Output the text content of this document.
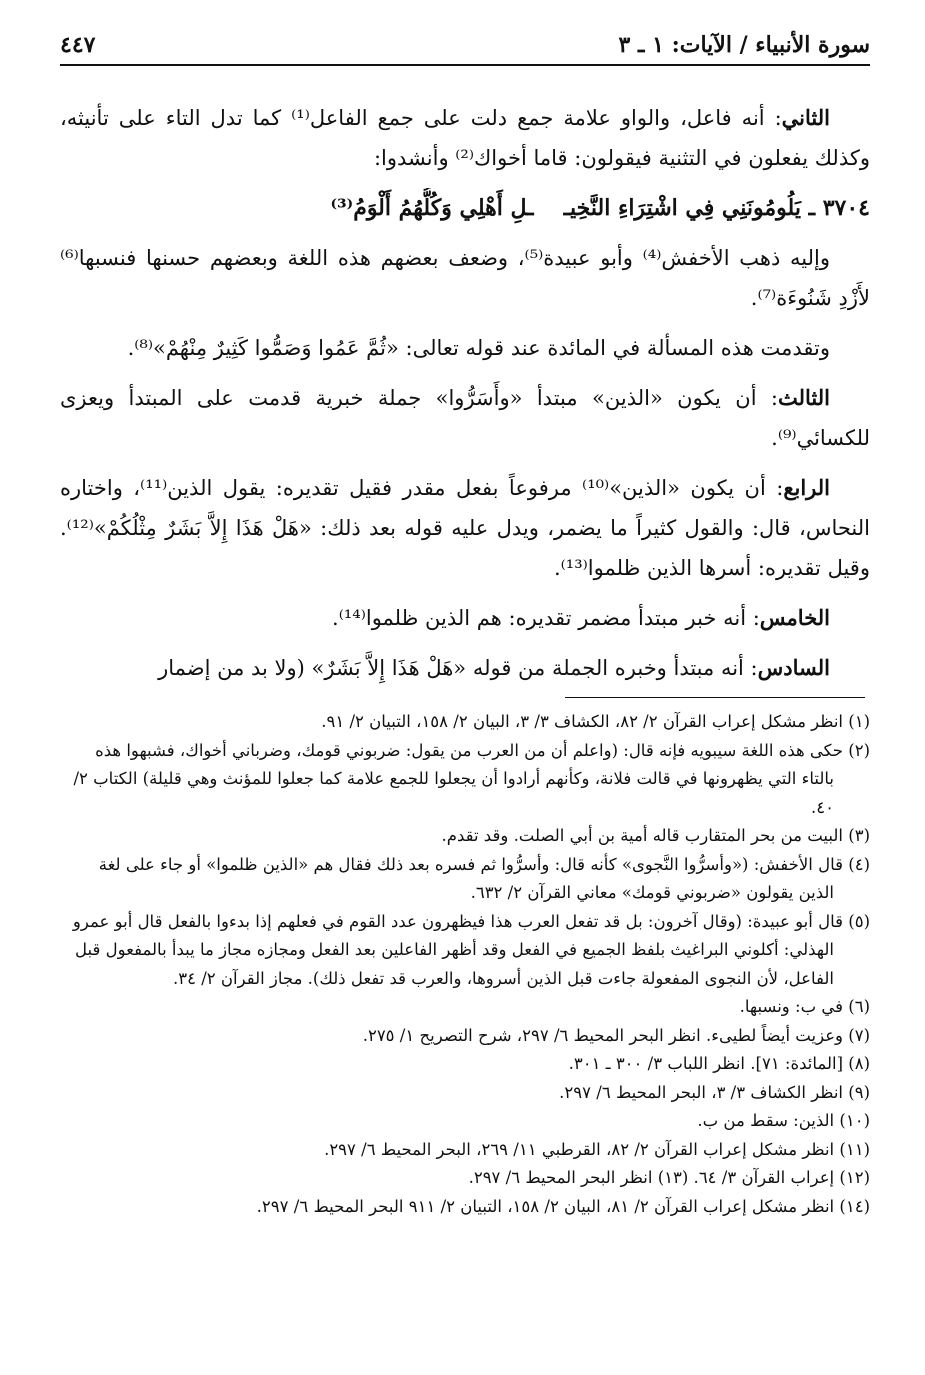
سورة الأنبياء / الآيات: ١ ـ ٣
٤٤٧

الثاني: أنه فاعل، والواو علامة جمع دلت على جمع الفاعل⁽¹⁾ كما تدل التاء على تأنيثه، وكذلك يفعلون في التثنية فيقولون: قاما أخواك⁽²⁾ وأنشدوا:

٣٧٠٤ ـ يَلُومُونَنِي فِي اشْتِرَاءِ النَّخِيــلِ أَهْلِي وَكُلُّهُمُ أَلْوَمُ⁽³⁾

وإليه ذهب الأخفش⁽⁴⁾ وأبو عبيدة⁽⁵⁾، وضعف بعضهم هذه اللغة وبعضهم حسنها فنسبها⁽⁶⁾ لأَزْدِ شَنُوءَة⁽⁷⁾.

وتقدمت هذه المسألة في المائدة عند قوله تعالى: «ثُمَّ عَمُوا وَصَمُّوا كَثِيرٌ مِنْهُمْ»⁽⁸⁾.

الثالث: أن يكون «الذين» مبتدأ «وأَسَرُّوا» جملة خبرية قدمت على المبتدأ ويعزى للكسائي⁽⁹⁾.

الرابع: أن يكون «الذين»⁽¹⁰⁾ مرفوعاً بفعل مقدر فقيل تقديره: يقول الذين⁽¹¹⁾، واختاره النحاس، قال: والقول كثيراً ما يضمر، ويدل عليه قوله بعد ذلك: «هَلْ هَذَا إِلاَّ بَشَرٌ مِثْلُكُمْ»⁽¹²⁾. وقيل تقديره: أسرها الذين ظلموا⁽¹³⁾.

الخامس: أنه خبر مبتدأ مضمر تقديره: هم الذين ظلموا⁽¹⁴⁾.

السادس: أنه مبتدأ وخبره الجملة من قوله «هَلْ هَذَا إِلاَّ بَشَرٌ» (ولا بد من إضمار

(١) انظر مشكل إعراب القرآن ٢/ ٨٢، الكشاف ٣/ ٣، البيان ٢/ ١٥٨، التبيان ٢/ ٩١.

(٢) حكى هذه اللغة سيبويه فإنه قال: (واعلم أن من العرب من يقول: ضربوني قومك، وضرباني أخواك، فشبهوا هذه بالتاء التي يظهرونها في قالت فلانة، وكأنهم أرادوا أن يجعلوا للجمع علامة كما جعلوا للمؤنث وهي قليلة) الكتاب ٢/ ٤٠.

(٣) البيت من بحر المتقارب قاله أمية بن أبي الصلت. وقد تقدم.

(٤) قال الأخفش: («وأسرُّوا النَّجوى» كأنه قال: وأسرُّوا ثم فسره بعد ذلك فقال هم «الذين ظلموا» أو جاء على لغة الذين يقولون «ضربوني قومك» معاني القرآن ٢/ ٦٣٢.

(٥) قال أبو عبيدة: (وقال آخرون: بل قد تفعل العرب هذا فيظهرون عدد القوم في فعلهم إذا بدءوا بالفعل قال أبو عمرو الهذلي: أكلوني البراغيث بلفظ الجميع في الفعل وقد أظهر الفاعلين بعد الفعل ومجازه مجاز ما يبدأ بالمفعول قبل الفاعل، لأن النجوى المفعولة جاءت قبل الذين أسروها، والعرب قد تفعل ذلك). مجاز القرآن ٢/ ٣٤.

(٦) في ب: ونسبها.

(٧) وعزيت أيضاً لطيىء. انظر البحر المحيط ٦/ ٢٩٧، شرح التصريح ١/ ٢٧٥.

(٨) [المائدة: ٧١]. انظر اللباب ٣/ ٣٠٠ ـ ٣٠١.

(٩) انظر الكشاف ٣/ ٣، البحر المحيط ٦/ ٢٩٧.

(١٠) الذين: سقط من ب.

(١١) انظر مشكل إعراب القرآن ٢/ ٨٢، القرطبي ١١/ ٢٦٩، البحر المحيط ٦/ ٢٩٧.

(١٢) إعراب القرآن ٣/ ٦٤. (١٣) انظر البحر المحيط ٦/ ٢٩٧.

(١٤) انظر مشكل إعراب القرآن ٢/ ٨١، البيان ٢/ ١٥٨، التبيان ٢/ ٩١١ البحر المحيط ٦/ ٢٩٧.
